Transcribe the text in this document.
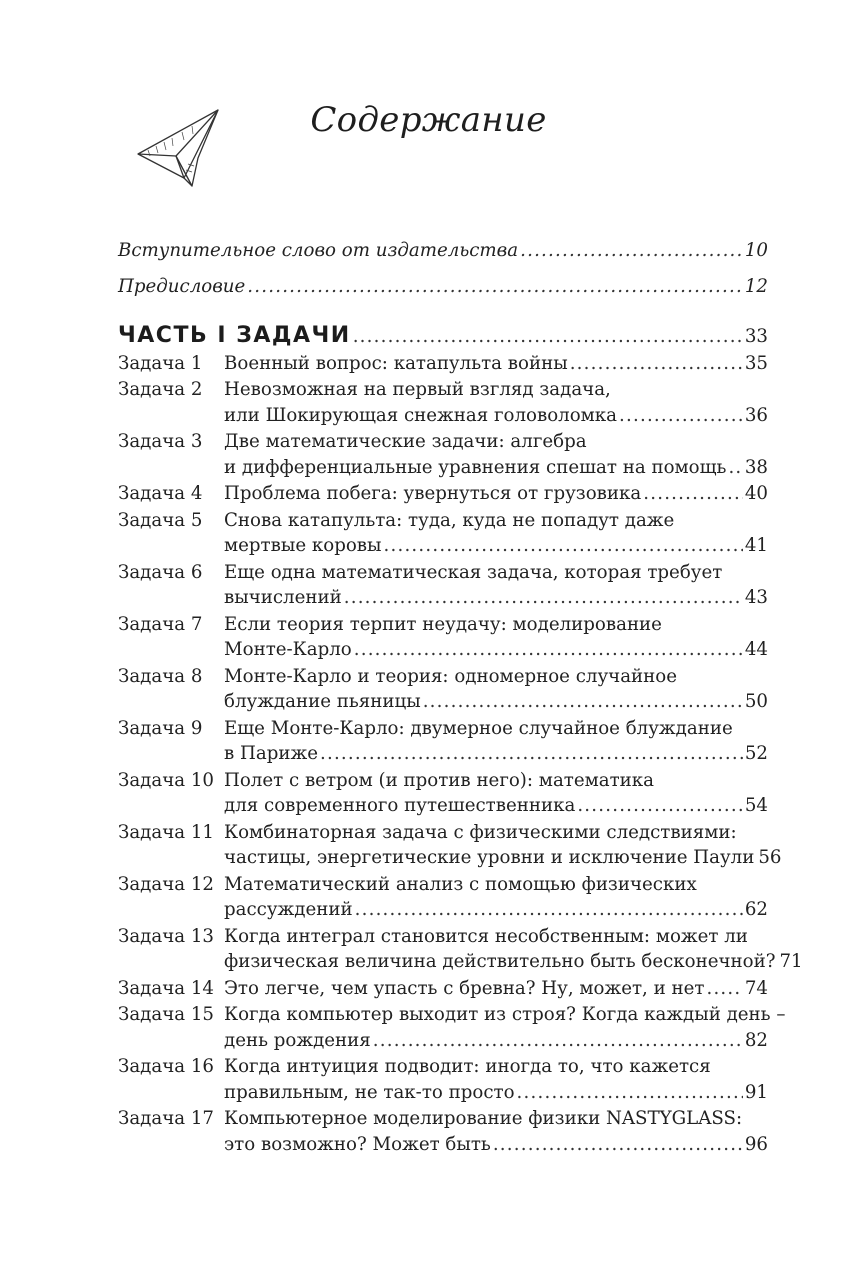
Содержание
Вступительное слово от издательства .....	10
Предисловие .....	12
ЧАСТЬ I ЗАДАЧИ .....	33
Задача 1	Военный вопрос: катапульта войны .....	35
Задача 2	Невозможная на первый взгляд задача,
или Шокирующая снежная головоломка .....	36
Задача 3	Две математические задачи: алгебра
и дифференциальные уравнения спешат на помощь ..... 38
Задача 4	Проблема побега: увернуться от грузовика .....	40
Задача 5	Снова катапульта: туда, куда не попадут даже
мертвые коровы .....	41
Задача 6	Еще одна математическая задача, которая требует
вычислений .....	43
Задача 7	Если теория терпит неудачу: моделирование
Монте-Карло .....	44
Задача 8	Монте-Карло и теория: одномерное случайное
блуждание пьяницы .....	50
Задача 9	Еще Монте-Карло: двумерное случайное блуждание
в Париже .....	52
Задача 10 Полет с ветром (и против него): математика
для современного путешественника .....	54
Задача 11 Комбинаторная задача с физическими следствиями:
частицы, энергетические уровни и исключение Паули 56
Задача 12 Математический анализ с помощью физических
рассуждений .....	62
Задача 13 Когда интеграл становится несобственным: может ли
физическая величина действительно быть бесконечной? 71
Задача 14 Это легче, чем упасть с бревна? Ну, может, и нет ..... 74
Задача 15 Когда компьютер выходит из строя? Когда каждый день –
день рождения .....	82
Задача 16 Когда интуиция подводит: иногда то, что кажется
правильным, не так-то просто .....	91
Задача 17 Компьютерное моделирование физики NASTYGLASS:
это возможно? Может быть .....	96
